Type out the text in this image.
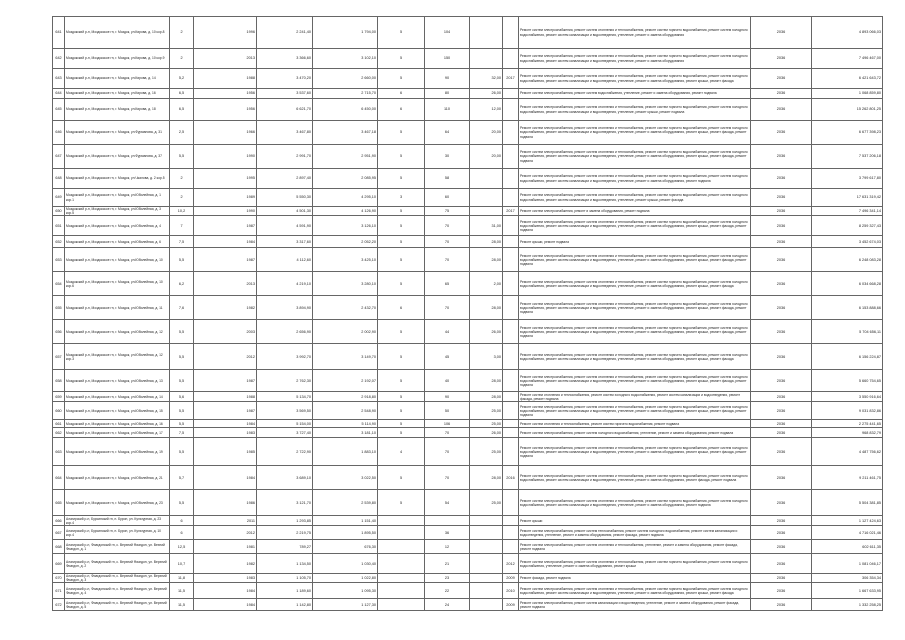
641	Моздокский р-н, Моздокское гп, г. Моздок, ул.Кирова, д. 10 кор.8	2	1996	2 241,40	1 794,00	5	104			Ремонт систем электроснабжения, ремонт систем отопления и теплоснабжения, ремонт систем горячего водоснабжения, ремонт систем холодного водоснабжения, ремонт систем канализации и водоотведения, утепление, ремонт и замена оборудования	2036	4 893 066,03
642	Моздокский р-н, Моздокское гп, г. Моздок, ул.Кирова, д. 10 кор.9	2	2013	3 366,60	3 102,10	5	150			Ремонт систем электроснабжения, ремонт систем отопления и теплоснабжения, ремонт систем горячего водоснабжения, ремонт систем холодного водоснабжения, ремонт систем канализации и водоотведения, утепление, ремонт и замена оборудования	2036	7 496 467,00
643	Моздокский р-н, Моздокское гп, г. Моздок, ул.Кирова, д. 14	5,2	1988	3 470,20	2 660,00	5	90	32,00	2017	Ремонт систем электроснабжения, ремонт систем отопления и теплоснабжения, ремонт систем горячего водоснабжения, ремонт систем холодного водоснабжения, ремонт систем канализации и водоотведения, утепление, ремонт и замена оборудования, ремонт крыши, ремонт фасада	2036	6 421 643,72
644	Моздокский р-н, Моздокское гп, г. Моздок, ул.Кирова, д. 16	6,5	1956	3 537,60	2 715,70	6	80	26,00		Ремонт систем электроснабжения, ремонт систем водоснабжения, утепление, ремонт и замена оборудования, ремонт подвала	2036	1 068 859,80
645	Моздокский р-н, Моздокское гп, г. Моздок, ул.Кирова, д. 18	6,5	1956	6 621,70	6 450,00	6	110	12,00		Ремонт систем электроснабжения, ремонт систем отопления и теплоснабжения, ремонт систем горячего водоснабжения, ремонт систем холодного водоснабжения, ремонт систем канализации и водоотведения, утепление, ремонт крыши, ремонт подвала	2036	15 262 801,25
646	Моздокский р-н, Моздокское гп, г. Моздок, ул.Фурманова, д. 31	2,5	1966	3 467,80	3 467,18	5	64	20,00		Ремонт систем электроснабжения, ремонт систем отопления и теплоснабжения, ремонт систем горячего водоснабжения, ремонт систем холодного водоснабжения, ремонт систем канализации и водоотведения, утепление, ремонт и замена оборудования, ремонт крыши, ремонт фасада, ремонт подвала	2036	6 677 398,23
647	Моздокский р-н, Моздокское гп, г. Моздок, ул.Фурманова, д. 37	5,5	1990	2 991,70	2 951,90	5	30	20,00		Ремонт систем электроснабжения, ремонт систем отопления и теплоснабжения, ремонт систем горячего водоснабжения, ремонт систем холодного водоснабжения, ремонт систем канализации и водоотведения, утепление, ремонт и замена оборудования, ремонт крыши, ремонт фасада, ремонт подвала	2036	7 537 206,18
648	Моздокский р-н, Моздокское гп, г. Моздок, ул.Чкалова, д. 2 кор.5	2	1995	2 897,40	2 085,95	5	58			Ремонт систем электроснабжения, ремонт систем отопления и теплоснабжения, ремонт систем горячего водоснабжения, ремонт систем холодного водоснабжения, ремонт систем канализации и водоотведения, утепление, ремонт и замена оборудования, ремонт подвала	2036	3 799 617,80
649	Моздокский р-н, Моздокское гп, г. Моздок, ул.Юбилейная, д. 1 кор.1	2	1989	5 550,30	4 295,10	3	60			Ремонт систем электроснабжения, ремонт систем отопления и теплоснабжения, ремонт систем горячего водоснабжения, ремонт систем холодного водоснабжения, ремонт систем канализации и водоотведения, утепление, ремонт крыши, ремонт фасада	2036	17 631 319,42
650	Моздокский р-н, Моздокское гп, г. Моздок, ул.Юбилейная, д. 3 кор.5	10,2	1990	4 501,30	4 126,90	5	75		2017	Ремонт систем электроснабжения, ремонт и замена оборудования, ремонт подвала	2036	7 496 341,14
651	Моздокский р-н, Моздокское гп, г. Моздок, ул.Юбилейная, д. 4	7	1987	4 591,90	3 126,10	5	70	31,00		Ремонт систем электроснабжения, ремонт систем отопления и теплоснабжения, ремонт систем горячего водоснабжения, ремонт систем холодного водоснабжения, ремонт систем канализации и водоотведения, утепление, ремонт и замена оборудования, ремонт крыши, ремонт фасада, ремонт подвала	2036	8 259 327,43
652	Моздокский р-н, Моздокское гп, г. Моздок, ул.Юбилейная, д. 6	7,5	1984	3 317,60	2 052,20	5	70	28,00		Ремонт крыши, ремонт подвала	2036	3 452 674,03
653	Моздокский р-н, Моздокское гп, г. Моздок, ул.Юбилейная, д. 10	5,5	1987	4 112,60	3 425,10	5	70	28,00		Ремонт систем электроснабжения, ремонт систем отопления и теплоснабжения, ремонт систем горячего водоснабжения, ремонт систем холодного водоснабжения, ремонт систем канализации и водоотведения, утепление, ремонт и замена оборудования, ремонт крыши, ремонт фасада, ремонт подвала	2036	6 248 083,28
654	Моздокский р-н, Моздокское гп, г. Моздок, ул.Юбилейная, д. 10 кор.6	6,2	2013	4 219,10	3 280,10	5	65	2,00		Ремонт систем электроснабжения, ремонт систем отопления и теплоснабжения, ремонт систем горячего водоснабжения, ремонт систем холодного водоснабжения, ремонт систем канализации и водоотведения, утепление, ремонт и замена оборудования, ремонт крыши, ремонт фасада	2036	6 034 668,28
655	Моздокский р-н, Моздокское гп, г. Моздок, ул.Юбилейная, д. 11	7,6	1982	3 894,90	2 432,70	6	70	28,00		Ремонт систем электроснабжения, ремонт систем отопления и теплоснабжения, ремонт систем горячего водоснабжения, ремонт систем холодного водоснабжения, ремонт систем канализации и водоотведения, утепление, ремонт и замена оборудования, ремонт крыши, ремонт фасада, ремонт подвала	2036	6 153 888,66
656	Моздокский р-н, Моздокское гп, г. Моздок, ул.Юбилейная, д. 12	5,5	2003	2 656,90	2 002,90	5	44	26,00		Ремонт систем электроснабжения, ремонт систем отопления и теплоснабжения, ремонт систем горячего водоснабжения, ремонт систем холодного водоснабжения, ремонт систем канализации и водоотведения, утепление, ремонт и замена оборудования, ремонт крыши, ремонт фасада, ремонт подвала	2036	5 704 656,11
657	Моздокский р-н, Моздокское гп, г. Моздок, ул.Юбилейная, д. 12 кор.3	5,5	2012	3 992,70	3 149,70	5	45	3,00		Ремонт систем электроснабжения, ремонт систем отопления и теплоснабжения, ремонт систем горячего водоснабжения, ремонт систем холодного водоснабжения, ремонт систем канализации и водоотведения, утепление, ремонт и замена оборудования, ремонт крыши, ремонт фасада	2036	6 156 224,87
658	Моздокский р-н, Моздокское гп, г. Моздок, ул.Юбилейная, д. 13	5,5	1987	2 762,30	2 192,07	5	40	28,00		Ремонт систем электроснабжения, ремонт систем отопления и теплоснабжения, ремонт систем горячего водоснабжения, ремонт систем холодного водоснабжения, ремонт систем канализации и водоотведения, утепление, ремонт и замена оборудования, ремонт крыши, ремонт фасада, ремонт подвала	2036	5 660 754,65
659	Моздокский р-н, Моздокское гп, г. Моздок, ул.Юбилейная, д. 14	5,6	1988	5 134,70	2 918,80	5	90	28,00		Ремонт систем отопления и теплоснабжения, ремонт систем холодного водоснабжения, ремонт систем канализации и водоотведения, ремонт фасада, ремонт подвала	2036	3 550 916,64
660	Моздокский р-н, Моздокское гп, г. Моздок, ул.Юбилейная, д. 15	5,5	1987	3 569,50	2 548,90	5	50	25,00		Ремонт систем электроснабжения, ремонт систем отопления и теплоснабжения, ремонт систем горячего водоснабжения, ремонт систем холодного водоснабжения, ремонт систем канализации и водоотведения, утепление, ремонт и замена оборудования, ремонт крыши, ремонт фасада, ремонт подвала	2036	9 031 832,86
661	Моздокский р-н, Моздокское гп, г. Моздок, ул.Юбилейная, д. 16	5,5	1984	5 154,00	5 114,90	5	106	25,00		Ремонт систем отопления и теплоснабжения, ремонт систем горячего водоснабжения, ремонт подвала	2036	2 275 441,65
662	Моздокский р-н, Моздокское гп, г. Моздок, ул.Юбилейная, д. 17	7,5	1983	3 727,40	3 181,10	5	70	26,00		Ремонт систем электроснабжения, ремонт систем холодного водоснабжения, утепление, ремонт и замена оборудования, ремонт подвала	2036	968 832,79
663	Моздокский р-н, Моздокское гп, г. Моздок, ул.Юбилейная, д. 19	5,5	1985	2 722,90	1 883,10	4	70	25,00		Ремонт систем электроснабжения, ремонт систем отопления и теплоснабжения, ремонт систем горячего водоснабжения, ремонт систем холодного водоснабжения, ремонт систем канализации и водоотведения, утепление, ремонт и замена оборудования, ремонт крыши, ремонт фасада, ремонт подвала	2036	4 487 756,62
664	Моздокский р-н, Моздокское гп, г. Моздок, ул.Юбилейная, д. 21	5,7	1984	3 689,10	3 022,50	5	70	28,00	2016	Ремонт систем электроснабжения, ремонт систем отопления и теплоснабжения, ремонт систем горячего водоснабжения, ремонт систем холодного водоснабжения, ремонт систем канализации и водоотведения, утепление, ремонт и замена оборудования, ремонт фасада, ремонт подвала	2036	9 211 461,75
665	Моздокский р-н, Моздокское гп, г. Моздок, ул.Юбилейная, д. 23	5,5	1986	3 121,70	2 539,80	5	54	25,00		Ремонт систем электроснабжения, ремонт систем отопления и теплоснабжения, ремонт систем горячего водоснабжения, ремонт систем холодного водоснабжения, ремонт систем канализации и водоотведения, утепление, ремонт и замена оборудования, ремонт подвала	2036	5 504 381,85
666	Алагирский р-н, Бурсинский гп, п. Бурон, ул. Культурная, д. 23 кор.4	6	2011	1 293,85	1 151,40					Ремонт крыши	2036	1 127 424,63
667	Алагирский р-н, Бурсинский гп, п. Бурон, ул. Культурная, д. 10 кор.4	6	2012	2 219,75	1 895,50		36			Ремонт систем электроснабжения, ремонт систем теплоснабжения, ремонт систем холодного водоснабжения, ремонт систем канализации и водоотведения, утепление, ремонт и замена оборудования, ремонт фасада, ремонт подвала	2036	4 716 021,46
668	Алагирский р-н, Фиагдонский гп, с. Верхний Фиагдон, ул. Вехний Фиагдон, д. 1	12,5	1981	789,27	676,30		12			Ремонт систем электроснабжения, ремонт систем отопления и теплоснабжения, утепление, ремонт и замена оборудования, ремонт фасада, ремонт подвала	2036	602 611,35
669	Алагирский р-н, Фиагдонский гп, с. Верхний Фиагдон, ул. Верхний Фиагдон, д. 2	10,7	1982	1 134,50	1 030,40		21		2012	Ремонт систем электроснабжения, ремонт систем отопления и теплоснабжения, ремонт систем горячего водоснабжения, ремонт систем холодного водоснабжения, утепление, ремонт и замена оборудования, ремонт крыши	2036	1 081 046,17
670	Алагирский р-н, Фиагдонский гп, с. Верхний Фиагдон, ул. Верхний Фиагдон, д. 3	11,8	1983	1 105,70	1 022,80		23		2009	Ремонт фасада, ремонт подвала	2036	306 354,34
671	Алагирский р-н, Фиагдонский гп, с. Верхний Фиагдон, ул. Верхний Фиагдон, д. 4	11,5	1984	1 189,60	1 095,30		22		2010	Ремонт систем электроснабжения, ремонт систем отопления и теплоснабжения, ремонт систем горячего водоснабжения, ремонт систем холодного водоснабжения, ремонт систем канализации и водоотведения, утепление, ремонт и замена оборудования, ремонт крыши, ремонт фасада	2036	1 667 633,95
672	Алагирский р-н, Фиагдонский гп, с. Верхний Фиагдон, ул. Верхний Фиагдон, д. 5	11,5	1984	1 142,80	1 127,30		24		2009	Ремонт систем электроснабжения, ремонт систем канализации и водоотведения, утепление, ремонт и замена оборудования, ремонт фасада, ремонт подвала	2036	1 332 258,25
